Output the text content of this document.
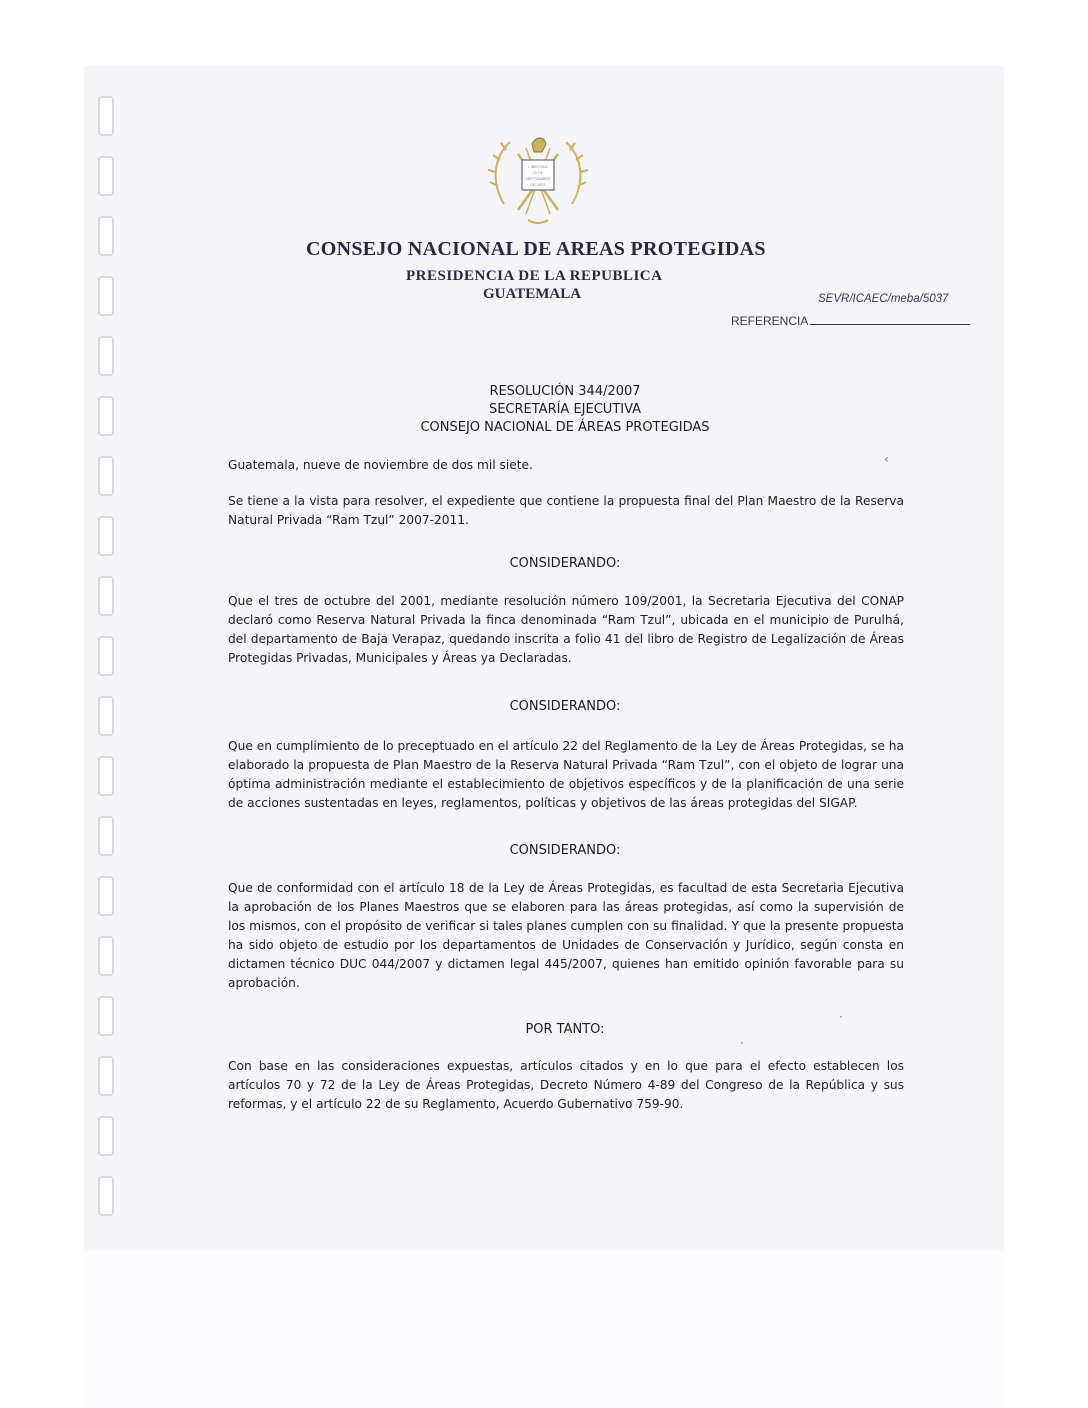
LIBERTAD
15 DE
SEPTIEMBRE
DE 1821
CONSEJO NACIONAL DE AREAS PROTEGIDAS
PRESIDENCIA DE LA REPUBLICA
GUATEMALA	SEVR/ICAEC/meba/5037
REFERENCIA
RESOLUCIÓN 344/2007
SECRETARÍA EJECUTIVA
CONSEJO NACIONAL DE ÁREAS PROTEGIDAS
Guatemala, nueve de noviembre de dos mil siete.
Se tiene a la vista para resolver, el expediente que contiene la propuesta final del Plan Maestro de la Reserva Natural Privada “Ram Tzul” 2007-2011.
CONSIDERANDO:
Que el tres de octubre del 2001, mediante resolución número 109/2001, la Secretaria Ejecutiva del CONAP declaró como Reserva Natural Privada la finca denominada “Ram Tzul”, ubicada en el municipio de Purulhá, del departamento de Baja Verapaz, quedando inscrita a folio 41 del libro de Registro de Legalización de Áreas Protegidas Privadas, Municipales y Áreas ya Declaradas.
CONSIDERANDO:
Que en cumplimiento de lo preceptuado en el artículo 22 del Reglamento de la Ley de Áreas Protegidas, se ha elaborado la propuesta de Plan Maestro de la Reserva Natural Privada “Ram Tzul”, con el objeto de lograr una óptima administración mediante el establecimiento de objetivos específicos y de la planificación de una serie de acciones sustentadas en leyes, reglamentos, políticas y objetivos de las áreas protegidas del SIGAP.
CONSIDERANDO:
Que de conformidad con el artículo 18 de la Ley de Áreas Protegidas, es facultad de esta Secretaria Ejecutiva la aprobación de los Planes Maestros que se elaboren para las áreas protegidas, así como la supervisión de los mismos, con el propósito de verificar si tales planes cumplen con su finalidad. Y que la presente propuesta ha sido objeto de estudio por los departamentos de Unidades de Conservación y Jurídico, según consta en dictamen técnico DUC 044/2007 y dictamen legal 445/2007, quienes han emitido opinión favorable para su aprobación.
POR TANTO:
Con base en las consideraciones expuestas, artículos citados y en lo que para el efecto establecen los artículos 70 y 72 de la Ley de Áreas Protegidas, Decreto Número 4-89 del Congreso de la República y sus reformas, y el artículo 22 de su Reglamento, Acuerdo Gubernativo 759-90.
‹
·
·
